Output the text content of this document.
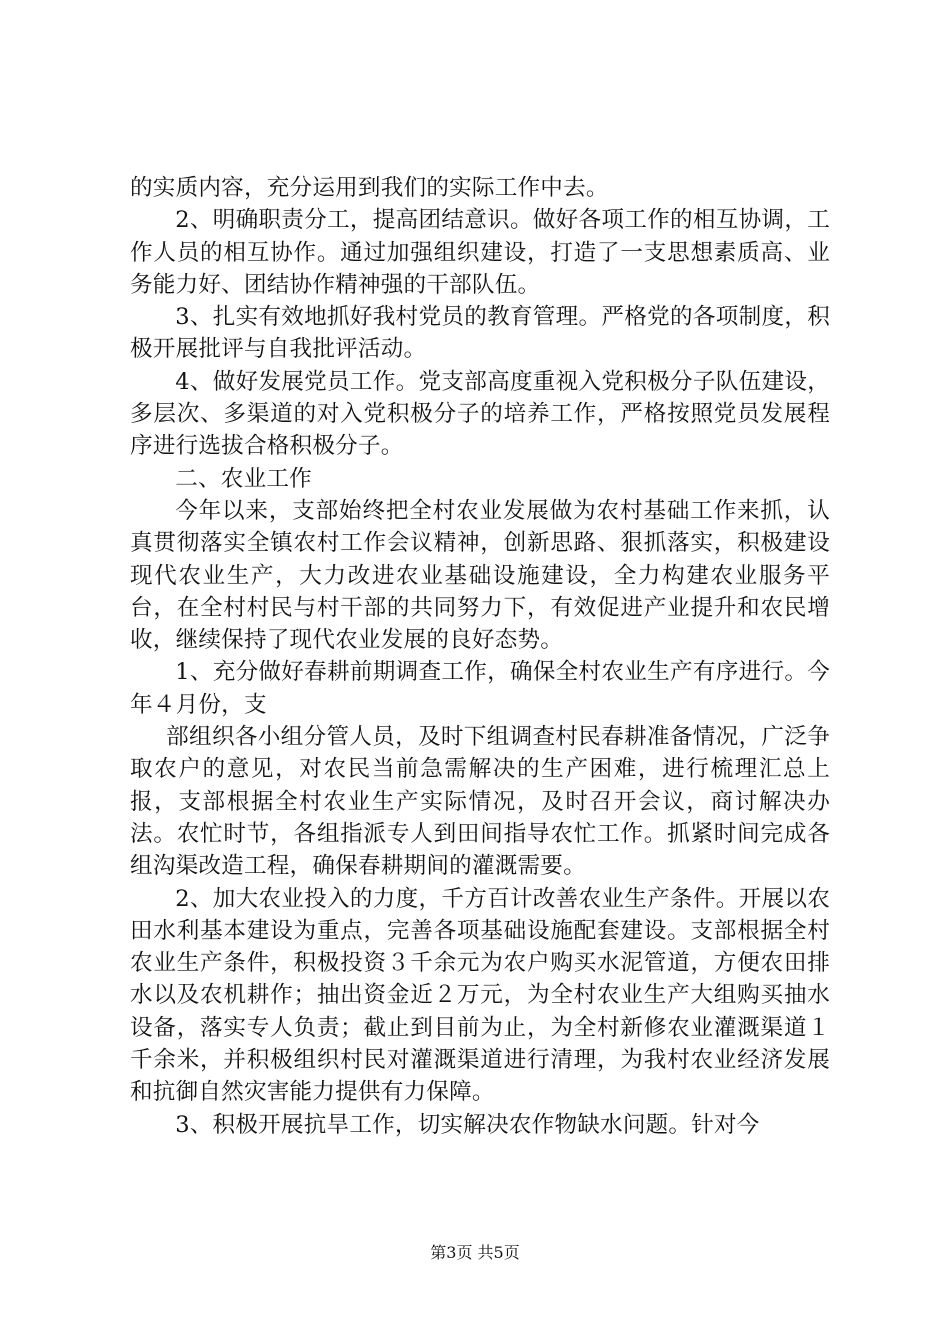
的实质内容，充分运用到我们的实际工作中去。

2、明确职责分工，提高团结意识。做好各项工作的相互协调，工作人员的相互协作。通过加强组织建设，打造了一支思想素质高、业务能力好、团结协作精神强的干部队伍。

3、扎实有效地抓好我村党员的教育管理。严格党的各项制度，积极开展批评与自我批评活动。

4、做好发展党员工作。党支部高度重视入党积极分子队伍建设，多层次、多渠道的对入党积极分子的培养工作，严格按照党员发展程序进行选拔合格积极分子。

二、农业工作

今年以来，支部始终把全村农业发展做为农村基础工作来抓，认真贯彻落实全镇农村工作会议精神，创新思路、狠抓落实，积极建设现代农业生产，大力改进农业基础设施建设，全力构建农业服务平台，在全村村民与村干部的共同努力下，有效促进产业提升和农民增收，继续保持了现代农业发展的良好态势。

1、充分做好春耕前期调查工作，确保全村农业生产有序进行。今年４月份，支

部组织各小组分管人员，及时下组调查村民春耕准备情况，广泛争取农户的意见，对农民当前急需解决的生产困难，进行梳理汇总上报，支部根据全村农业生产实际情况，及时召开会议，商讨解决办法。农忙时节，各组指派专人到田间指导农忙工作。抓紧时间完成各组沟渠改造工程，确保春耕期间的灌溉需要。

2、加大农业投入的力度，千方百计改善农业生产条件。开展以农田水利基本建设为重点，完善各项基础设施配套建设。支部根据全村农业生产条件，积极投资３千余元为农户购买水泥管道，方便农田排水以及农机耕作；抽出资金近２万元，为全村农业生产大组购买抽水设备，落实专人负责；截止到目前为止，为全村新修农业灌溉渠道１千余米，并积极组织村民对灌溉渠道进行清理，为我村农业经济发展和抗御自然灾害能力提供有力保障。

3、积极开展抗旱工作，切实解决农作物缺水问题。针对今

第3页 共5页
